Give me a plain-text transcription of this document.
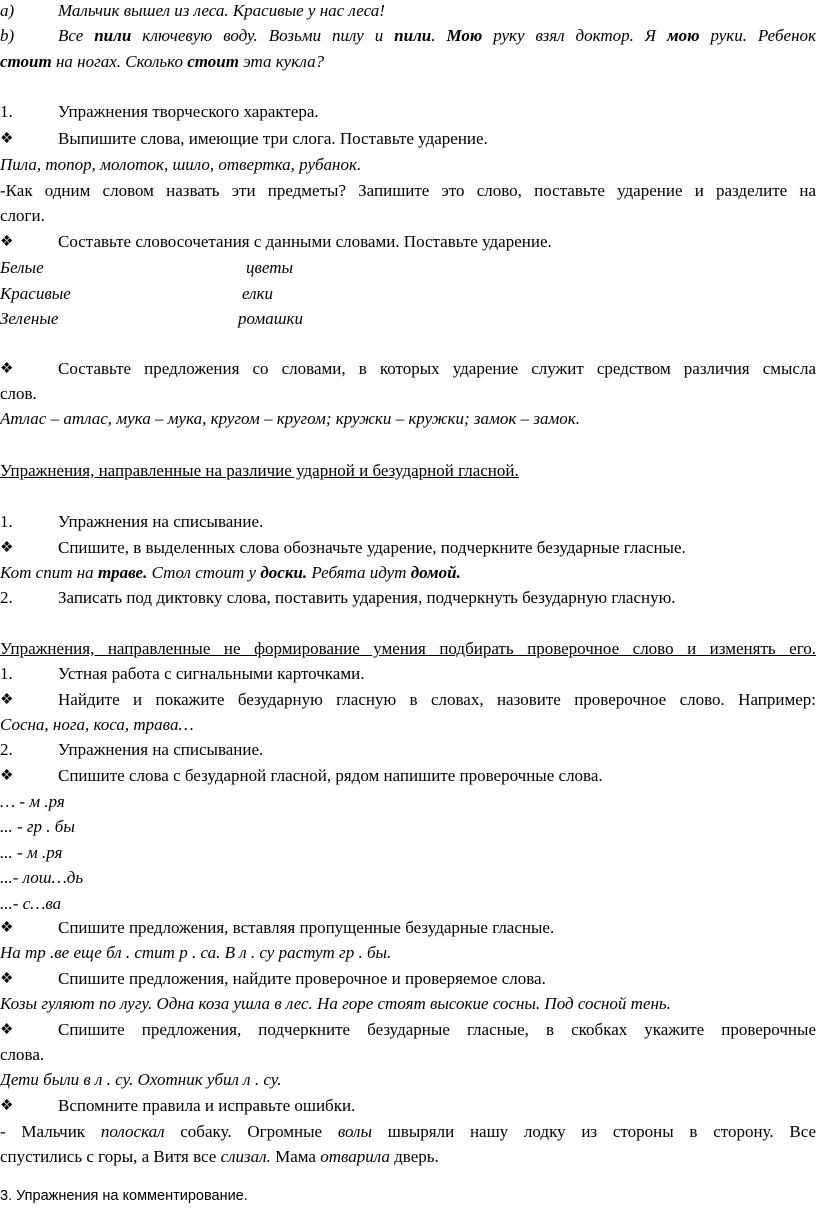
a)	Мальчик вышел из леса. Красивые у нас леса!
b)	Все пили ключевую воду. Возьми пилу и пили. Мою руку взял доктор. Я мою руки. Ребенок
стоит на ногах. Сколько стоит эта кукла?
1.	Упражнения творческого характера.
❖	Выпишите слова, имеющие три слога. Поставьте ударение.
Пила, топор, молоток, шило, отвертка, рубанок.
-Как одним словом назвать эти предметы? Запишите это слово, поставьте ударение и разделите на
слоги.
❖	Составьте словосочетания с данными словами. Поставьте ударение.
Белые	цветы
Красивые	елки
Зеленые	ромашки
❖	Составьте предложения со словами, в которых ударение служит средством различия смысла
слов.
Атлас – атлас, мука – мука, кругом – кругом; кружки – кружки; замок – замок.
Упражнения, направленные на различие ударной и безударной гласной.
1.	Упражнения на списывание.
❖	Спишите, в выделенных слова обозначьте ударение, подчеркните безударные гласные.
Кот спит на траве. Стол стоит у доски. Ребята идут домой.
2.	Записать под диктовку слова, поставить ударения, подчеркнуть безударную гласную.
Упражнения, направленные не формирование умения подбирать проверочное слово и изменять его.
1.	Устная работа с сигнальными карточками.
❖	Найдите и покажите безударную гласную в словах, назовите проверочное слово. Например:
Сосна, нога, коса, трава…
2.	Упражнения на списывание.
❖	Спишите слова с безударной гласной, рядом напишите проверочные слова.
… - м .ря
... - гр . бы
... - м .ря
...- лош…дь
...- с…ва
❖	Спишите предложения, вставляя пропущенные безударные гласные.
На тр .ве еще бл . стит р . са. В л . су растут гр . бы.
❖	Спишите предложения, найдите проверочное и проверяемое слова.
Козы гуляют по лугу. Одна коза ушла в лес. На горе стоят высокие сосны. Под сосной тень.
❖	Спишите предложения, подчеркните безударные гласные, в скобках укажите проверочные
слова.
Дети были в л . су. Охотник убил л . су.
❖	Вспомните правила и исправьте ошибки.
- Мальчик полоскал собаку. Огромные волы швыряли нашу лодку из стороны в сторону. Все
спустились с горы, а Витя все слизал. Мама отварила дверь.
3. Упражнения на комментирование.
